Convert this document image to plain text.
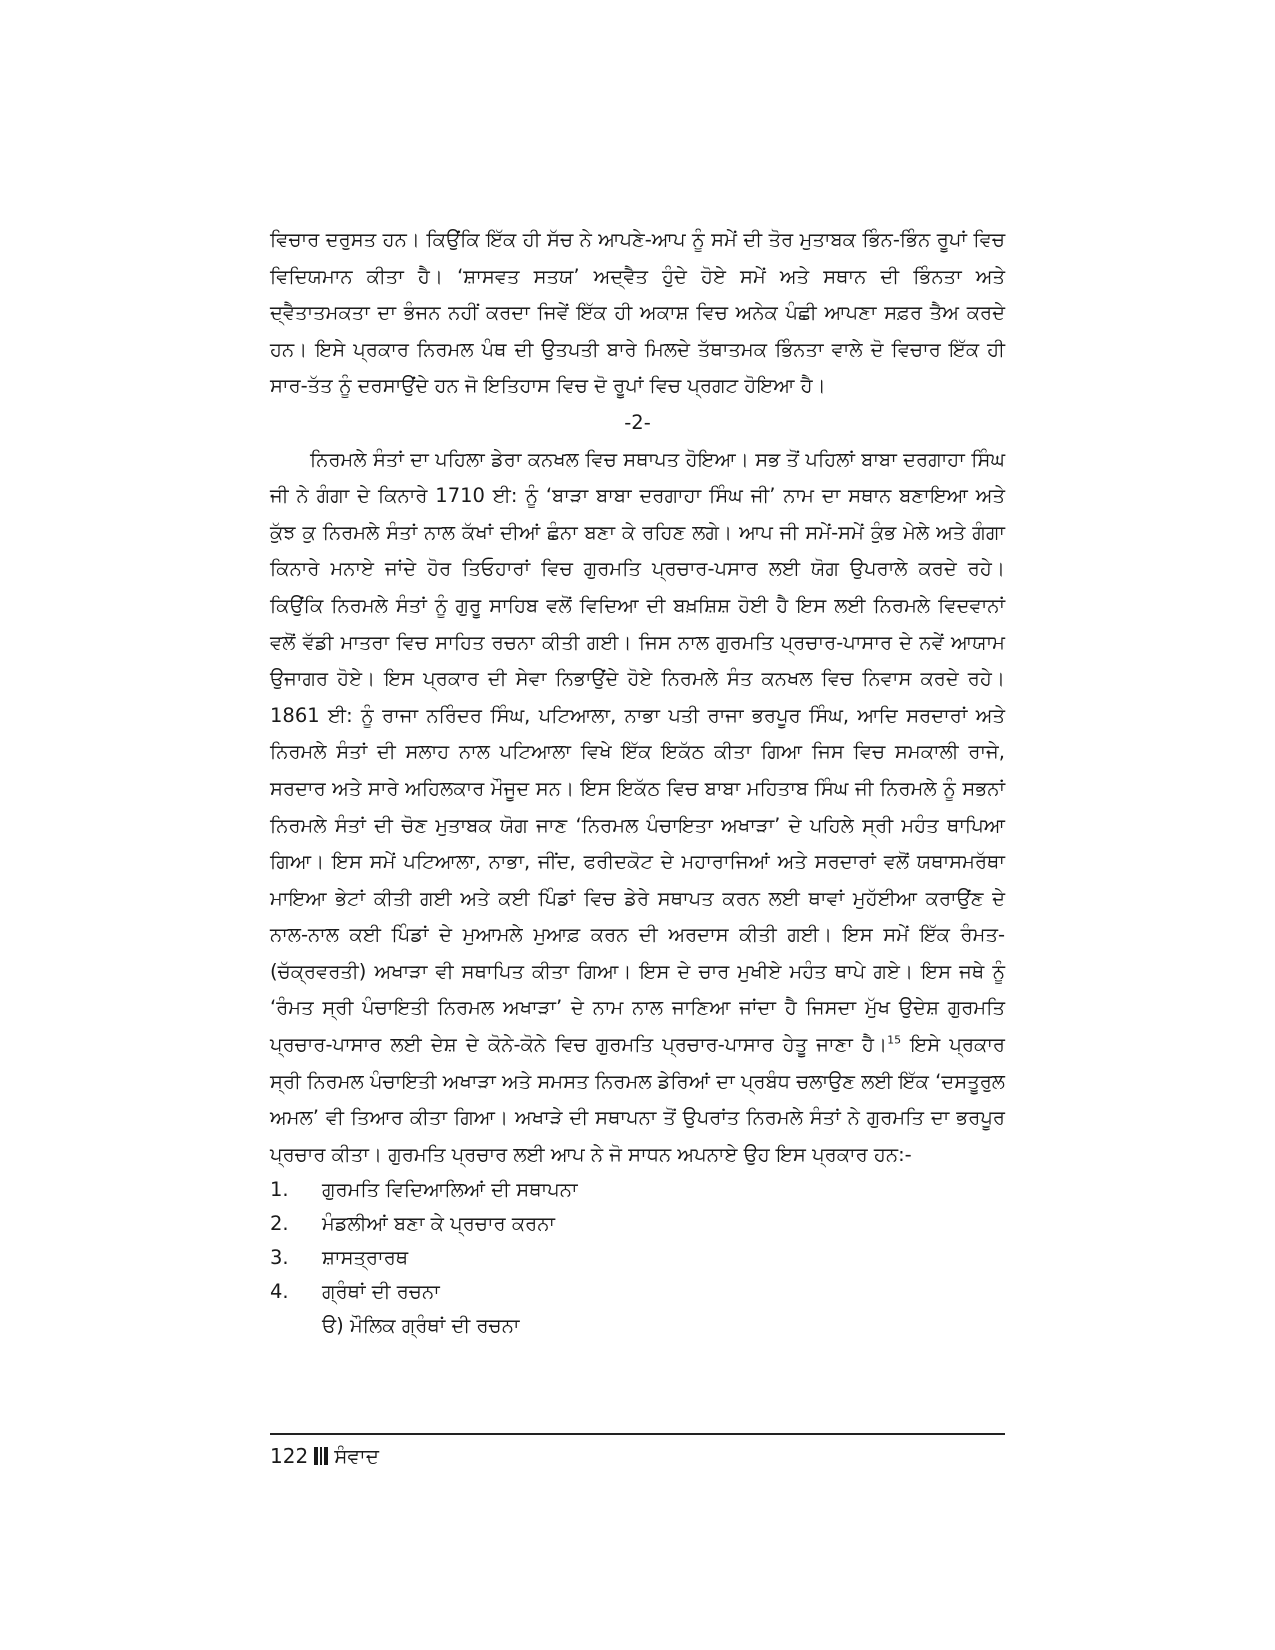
ਵਿਚਾਰ ਦਰੁਸਤ ਹਨ। ਕਿਉਂਕਿ ਇੱਕ ਹੀ ਸੱਚ ਨੇ ਆਪਣੇ-ਆਪ ਨੂੰ ਸਮੇਂ ਦੀ ਤੋਰ ਮੁਤਾਬਕ ਭਿੰਨ-ਭਿੰਨ ਰੂਪਾਂ ਵਿਚ ਵਿਦਿਯਮਾਨ ਕੀਤਾ ਹੈ। ‘ਸ਼ਾਸਵਤ ਸਤਯ’ ਅਦ੍ਵੈਤ ਹੁੰਦੇ ਹੋਏ ਸਮੇਂ ਅਤੇ ਸਥਾਨ ਦੀ ਭਿੰਨਤਾ ਅਤੇ ਦ੍ਵੈਤਾਤਮਕਤਾ ਦਾ ਭੰਜਨ ਨਹੀਂ ਕਰਦਾ ਜਿਵੇਂ ਇੱਕ ਹੀ ਅਕਾਸ਼ ਵਿਚ ਅਨੇਕ ਪੰਛੀ ਆਪਣਾ ਸਫ਼ਰ ਤੈਅ ਕਰਦੇ ਹਨ। ਇਸੇ ਪ੍ਰਕਾਰ ਨਿਰਮਲ ਪੰਥ ਦੀ ਉਤਪਤੀ ਬਾਰੇ ਮਿਲਦੇ ਤੱਥਾਤਮਕ ਭਿੰਨਤਾ ਵਾਲੇ ਦੋ ਵਿਚਾਰ ਇੱਕ ਹੀ ਸਾਰ-ਤੱਤ ਨੂੰ ਦਰਸਾਉਂਦੇ ਹਨ ਜੋ ਇਤਿਹਾਸ ਵਿਚ ਦੋ ਰੂਪਾਂ ਵਿਚ ਪ੍ਰਗਟ ਹੋਇਆ ਹੈ।

-2-

ਨਿਰਮਲੇ ਸੰਤਾਂ ਦਾ ਪਹਿਲਾ ਡੇਰਾ ਕਨਖਲ ਵਿਚ ਸਥਾਪਤ ਹੋਇਆ। ਸਭ ਤੋਂ ਪਹਿਲਾਂ ਬਾਬਾ ਦਰਗਾਹਾ ਸਿੰਘ ਜੀ ਨੇ ਗੰਗਾ ਦੇ ਕਿਨਾਰੇ 1710 ਈ: ਨੂੰ ‘ਬਾੜਾ ਬਾਬਾ ਦਰਗਾਹਾ ਸਿੰਘ ਜੀ’ ਨਾਮ ਦਾ ਸਥਾਨ ਬਣਾਇਆ ਅਤੇ ਕੁੱਝ ਕੁ ਨਿਰਮਲੇ ਸੰਤਾਂ ਨਾਲ ਕੱਖਾਂ ਦੀਆਂ ਛੰਨਾ ਬਣਾ ਕੇ ਰਹਿਣ ਲਗੇ। ਆਪ ਜੀ ਸਮੇਂ-ਸਮੇਂ ਕੁੰਭ ਮੇਲੇ ਅਤੇ ਗੰਗਾ ਕਿਨਾਰੇ ਮਨਾਏ ਜਾਂਦੇ ਹੋਰ ਤਿਓਹਾਰਾਂ ਵਿਚ ਗੁਰਮਤਿ ਪ੍ਰਚਾਰ-ਪਸਾਰ ਲਈ ਯੋਗ ਉਪਰਾਲੇ ਕਰਦੇ ਰਹੇ। ਕਿਉਂਕਿ ਨਿਰਮਲੇ ਸੰਤਾਂ ਨੂੰ ਗੁਰੂ ਸਾਹਿਬ ਵਲੋਂ ਵਿਦਿਆ ਦੀ ਬਖ਼ਸ਼ਿਸ਼ ਹੋਈ ਹੈ ਇਸ ਲਈ ਨਿਰਮਲੇ ਵਿਦਵਾਨਾਂ ਵਲੋਂ ਵੱਡੀ ਮਾਤਰਾ ਵਿਚ ਸਾਹਿਤ ਰਚਨਾ ਕੀਤੀ ਗਈ। ਜਿਸ ਨਾਲ ਗੁਰਮਤਿ ਪ੍ਰਚਾਰ-ਪਾਸਾਰ ਦੇ ਨਵੇਂ ਆਯਾਮ ਉਜਾਗਰ ਹੋਏ। ਇਸ ਪ੍ਰਕਾਰ ਦੀ ਸੇਵਾ ਨਿਭਾਉਂਦੇ ਹੋਏ ਨਿਰਮਲੇ ਸੰਤ ਕਨਖਲ ਵਿਚ ਨਿਵਾਸ ਕਰਦੇ ਰਹੇ। 1861 ਈ: ਨੂੰ ਰਾਜਾ ਨਰਿੰਦਰ ਸਿੰਘ, ਪਟਿਆਲਾ, ਨਾਭਾ ਪਤੀ ਰਾਜਾ ਭਰਪੂਰ ਸਿੰਘ, ਆਦਿ ਸਰਦਾਰਾਂ ਅਤੇ ਨਿਰਮਲੇ ਸੰਤਾਂ ਦੀ ਸਲਾਹ ਨਾਲ ਪਟਿਆਲਾ ਵਿਖੇ ਇੱਕ ਇਕੱਠ ਕੀਤਾ ਗਿਆ ਜਿਸ ਵਿਚ ਸਮਕਾਲੀ ਰਾਜੇ, ਸਰਦਾਰ ਅਤੇ ਸਾਰੇ ਅਹਿਲਕਾਰ ਮੌਜੂਦ ਸਨ। ਇਸ ਇਕੱਠ ਵਿਚ ਬਾਬਾ ਮਹਿਤਾਬ ਸਿੰਘ ਜੀ ਨਿਰਮਲੇ ਨੂੰ ਸਭਨਾਂ ਨਿਰਮਲੇ ਸੰਤਾਂ ਦੀ ਚੋਣ ਮੁਤਾਬਕ ਯੋਗ ਜਾਣ ‘ਨਿਰਮਲ ਪੰਚਾਇਤਾ ਅਖਾੜਾ’ ਦੇ ਪਹਿਲੇ ਸ੍ਰੀ ਮਹੰਤ ਥਾਪਿਆ ਗਿਆ। ਇਸ ਸਮੇਂ ਪਟਿਆਲਾ, ਨਾਭਾ, ਜੀਂਦ, ਫਰੀਦਕੋਟ ਦੇ ਮਹਾਰਾਜਿਆਂ ਅਤੇ ਸਰਦਾਰਾਂ ਵਲੋਂ ਯਥਾਸਮਰੱਥਾ ਮਾਇਆ ਭੇਟਾਂ ਕੀਤੀ ਗਈ ਅਤੇ ਕਈ ਪਿੰਡਾਂ ਵਿਚ ਡੇਰੇ ਸਥਾਪਤ ਕਰਨ ਲਈ ਥਾਵਾਂ ਮੁਹੱਈਆ ਕਰਾਉਂਣ ਦੇ ਨਾਲ-ਨਾਲ ਕਈ ਪਿੰਡਾਂ ਦੇ ਮੁਆਮਲੇ ਮੁਆਫ਼ ਕਰਨ ਦੀ ਅਰਦਾਸ ਕੀਤੀ ਗਈ। ਇਸ ਸਮੇਂ ਇੱਕ ਰੰਮਤ-(ਚੱਕ੍ਰਵਰਤੀ) ਅਖਾੜਾ ਵੀ ਸਥਾਪਿਤ ਕੀਤਾ ਗਿਆ। ਇਸ ਦੇ ਚਾਰ ਮੁਖੀਏ ਮਹੰਤ ਥਾਪੇ ਗਏ। ਇਸ ਜਥੇ ਨੂੰ ‘ਰੰਮਤ ਸ੍ਰੀ ਪੰਚਾਇਤੀ ਨਿਰਮਲ ਅਖਾੜਾ’ ਦੇ ਨਾਮ ਨਾਲ ਜਾਣਿਆ ਜਾਂਦਾ ਹੈ ਜਿਸਦਾ ਮੁੱਖ ਉਦੇਸ਼ ਗੁਰਮਤਿ ਪ੍ਰਚਾਰ-ਪਾਸਾਰ ਲਈ ਦੇਸ਼ ਦੇ ਕੋਨੇ-ਕੋਨੇ ਵਿਚ ਗੁਰਮਤਿ ਪ੍ਰਚਾਰ-ਪਾਸਾਰ ਹੇਤੂ ਜਾਣਾ ਹੈ।$^{15}$ ਇਸੇ ਪ੍ਰਕਾਰ ਸ੍ਰੀ ਨਿਰਮਲ ਪੰਚਾਇਤੀ ਅਖਾੜਾ ਅਤੇ ਸਮਸਤ ਨਿਰਮਲ ਡੇਰਿਆਂ ਦਾ ਪ੍ਰਬੰਧ ਚਲਾਉਣ ਲਈ ਇੱਕ ‘ਦਸਤੂਰੁਲ ਅਮਲ’ ਵੀ ਤਿਆਰ ਕੀਤਾ ਗਿਆ। ਅਖਾੜੇ ਦੀ ਸਥਾਪਨਾ ਤੋਂ ਉਪਰਾਂਤ ਨਿਰਮਲੇ ਸੰਤਾਂ ਨੇ ਗੁਰਮਤਿ ਦਾ ਭਰਪੂਰ ਪ੍ਰਚਾਰ ਕੀਤਾ। ਗੁਰਮਤਿ ਪ੍ਰਚਾਰ ਲਈ ਆਪ ਨੇ ਜੋ ਸਾਧਨ ਅਪਨਾਏ ਉਹ ਇਸ ਪ੍ਰਕਾਰ ਹਨ:-

1.	ਗੁਰਮਤਿ ਵਿਦਿਆਲਿਆਂ ਦੀ ਸਥਾਪਨਾ
2.	ਮੰਡਲੀਆਂ ਬਣਾ ਕੇ ਪ੍ਰਚਾਰ ਕਰਨਾ
3.	ਸ਼ਾਸਤ੍ਰਾਰਥ
4.	ਗ੍ਰੰਥਾਂ ਦੀ ਰਚਨਾ
ੳ) ਮੌਲਿਕ ਗ੍ਰੰਥਾਂ ਦੀ ਰਚਨਾ
122 ਸੰਵਾਦ
